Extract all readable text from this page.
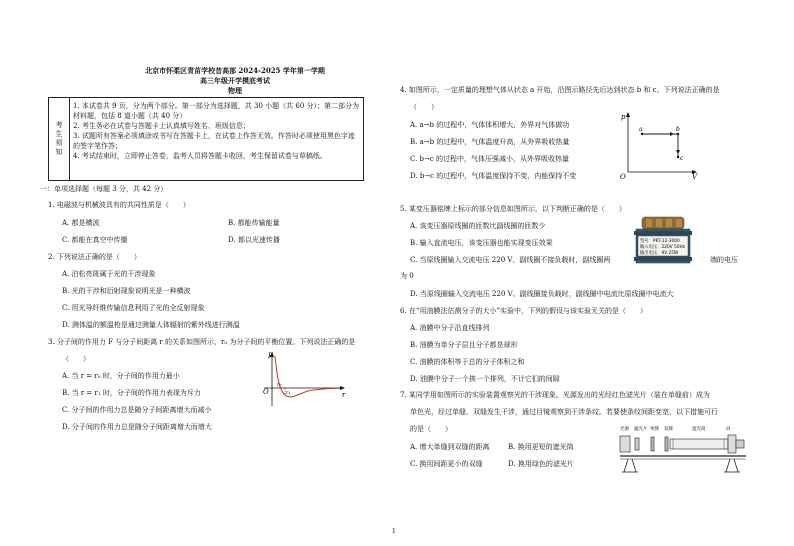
北京市怀柔区青苗学校昔高部 2024-2025 学年第一学期
高三年级开学摸底考试
物理
考
生
须
知
1. 本试卷共 9 页，分为两个部分。第一部分为选择题，共 30 小题（共 60 分）；第二部分为材料题，包括 8 道小题（共 40 分）
2. 考生务必在试卷与答题卡上认真填写姓名、班级信息；
3. 试题所有答案必须填涂或书写在答题卡上，在试卷上作答无效。作答时必须使用黑色字迹的签字笔作答；
4. 考试结束时，立即停止答卷，监考人员将答题卡收回，考生保留试卷与草稿纸。
一：单项选择题（每题 3 分，共 42 分）
1. 电磁波与机械波具有的共同性质是（　　）
A. 都是横波	B. 都能传输能量
C. 都能在真空中传播	D. 都以光速传播
2. 下列说法正确的是（　　）
A. 泊松亮斑属于光的干涉现象
B. 光的干涉和衍射现象说明光是一种横波
C. 用光导纤维传输信息利用了光的全反射现象
D. 测体温的额温枪是通过测量人体辐射的紫外线进行测温
3. 分子间的作用力 F 与分子间距离 r 的关系如图所示，r₀ 为分子间的平衡位置。下列说法正确的是
（　　）
A. 当 r = r₀ 时，分子间的作用力最小
B. 当 r = r₁ 时，分子间的作用力表现为斥力
C. 分子间的作用力总是随分子间距离增大而减小
D. 分子间的作用力总是随分子间距离增大而增大
F
O	r
r₀
r₁
4. 如图所示，一定质量的理想气体从状态 a 开始，沿图示路径先后达到状态 b 和 c。下列说法正确的是
（　　）
A. a→b 的过程中，气体体积增大，外界对气体做功
B. a→b 的过程中，气体温度升高，从外界吸收热量
C. b→c 的过程中，气体压强减小，从外界吸收热量
D. b→c 的过程中，气体温度保持不变，内能保持不变
p
O	V
a	b
c
5. 某变压器铭牌上标示的部分信息如图所示，以下判断正确的是（　　）
A. 该变压器原线圈的匝数比副线圈的匝数少
B. 输入直流电压，该变压器也能实现变压效果
C. 当原线圈输入交流电压 220 V、副线圈不接负载时，副线圈两	端的电压
为 0
D. 当原线圈输入交流电压 220 V、副线圈接负载时，副线圈中电流比原线圈中电流大
型号：PKT-12-3000
输入电压：220V 50Hz
输出电压：9V 25W
6. 在“用油膜法估测分子的大小”实验中，下列的假设与该实验无关的是（　　）
A. 油膜中分子沿直线排列
B. 油膜为单分子层且分子都是球形
C. 油膜的体积等于总的分子体积之和
D. 油膜中分子一个挨一个排列，不计它们的间隙
7. 某同学用如图所示的实验装置观察光的干涉现象。光源发出的光经红色滤光片（装在单缝前）成为
单色光，经过单缝、双缝发生干涉，通过目镜观察到干涉条纹。若要使条纹间距变宽，以下措施可行
的是（　　）
A. 增大单缝到双缝的距离	B. 换用更短的遮光筒
C. 换用间距更小的双缝	D. 换用绿色的滤光片
光源 滤光片 单缝 双缝	遮光筒	屏
1
